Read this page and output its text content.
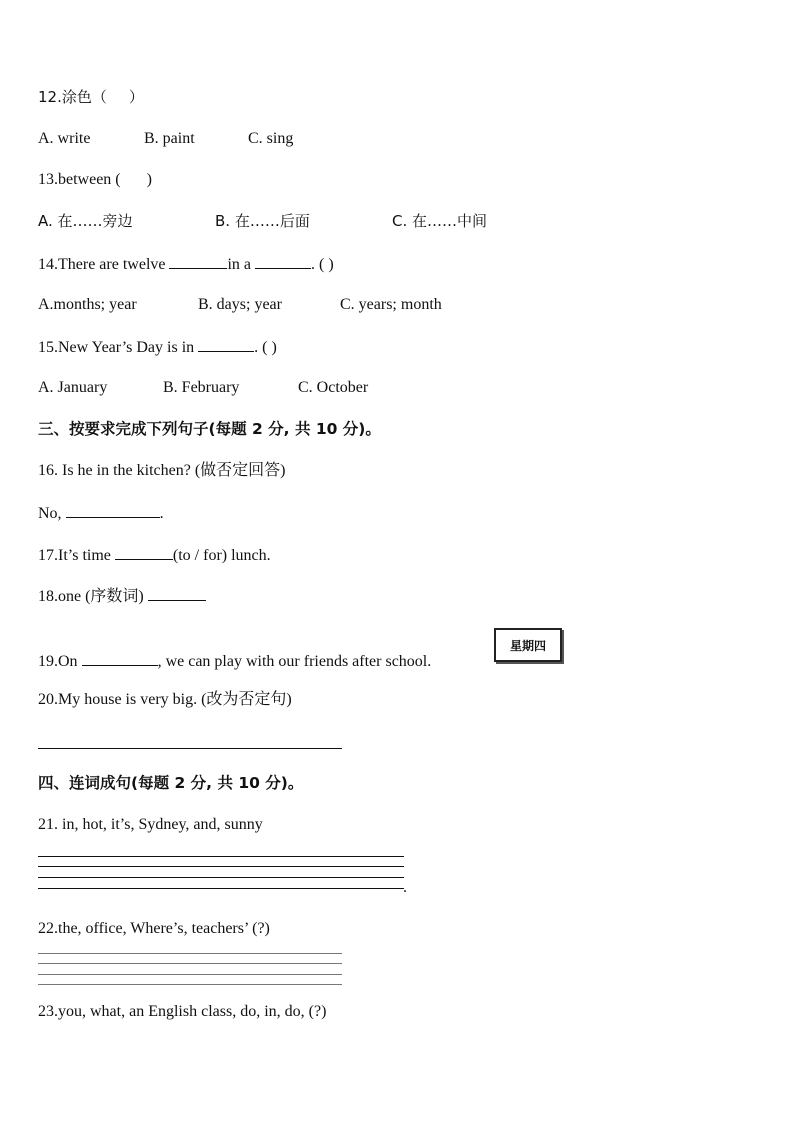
12.涂色（ ）
A. write	B. paint	C. sing
13.between ( )
A. 在……旁边	B. 在……后面	C. 在……中间
14.There are twelve	in a	. ( )
A.months; year	B. days; year	C. years; month
15.New Year’s Day is in	. ( )
A. January	B. February	C. October
三、按要求完成下列句子(每题 2 分, 共 10 分)。
16. Is he in the kitchen? (做否定回答)
No,	.
17.It’s time	(to / for) lunch.
18.one (序数词)
19.On	, we can play with our friends after school.
星期四
20.My house is very big. (改为否定句)
四、连词成句(每题 2 分, 共 10 分)。
21. in, hot, it’s, Sydney, and, sunny
.
22.the, office, Where’s, teachers’ (?)
23.you, what, an English class, do, in, do, (?)
